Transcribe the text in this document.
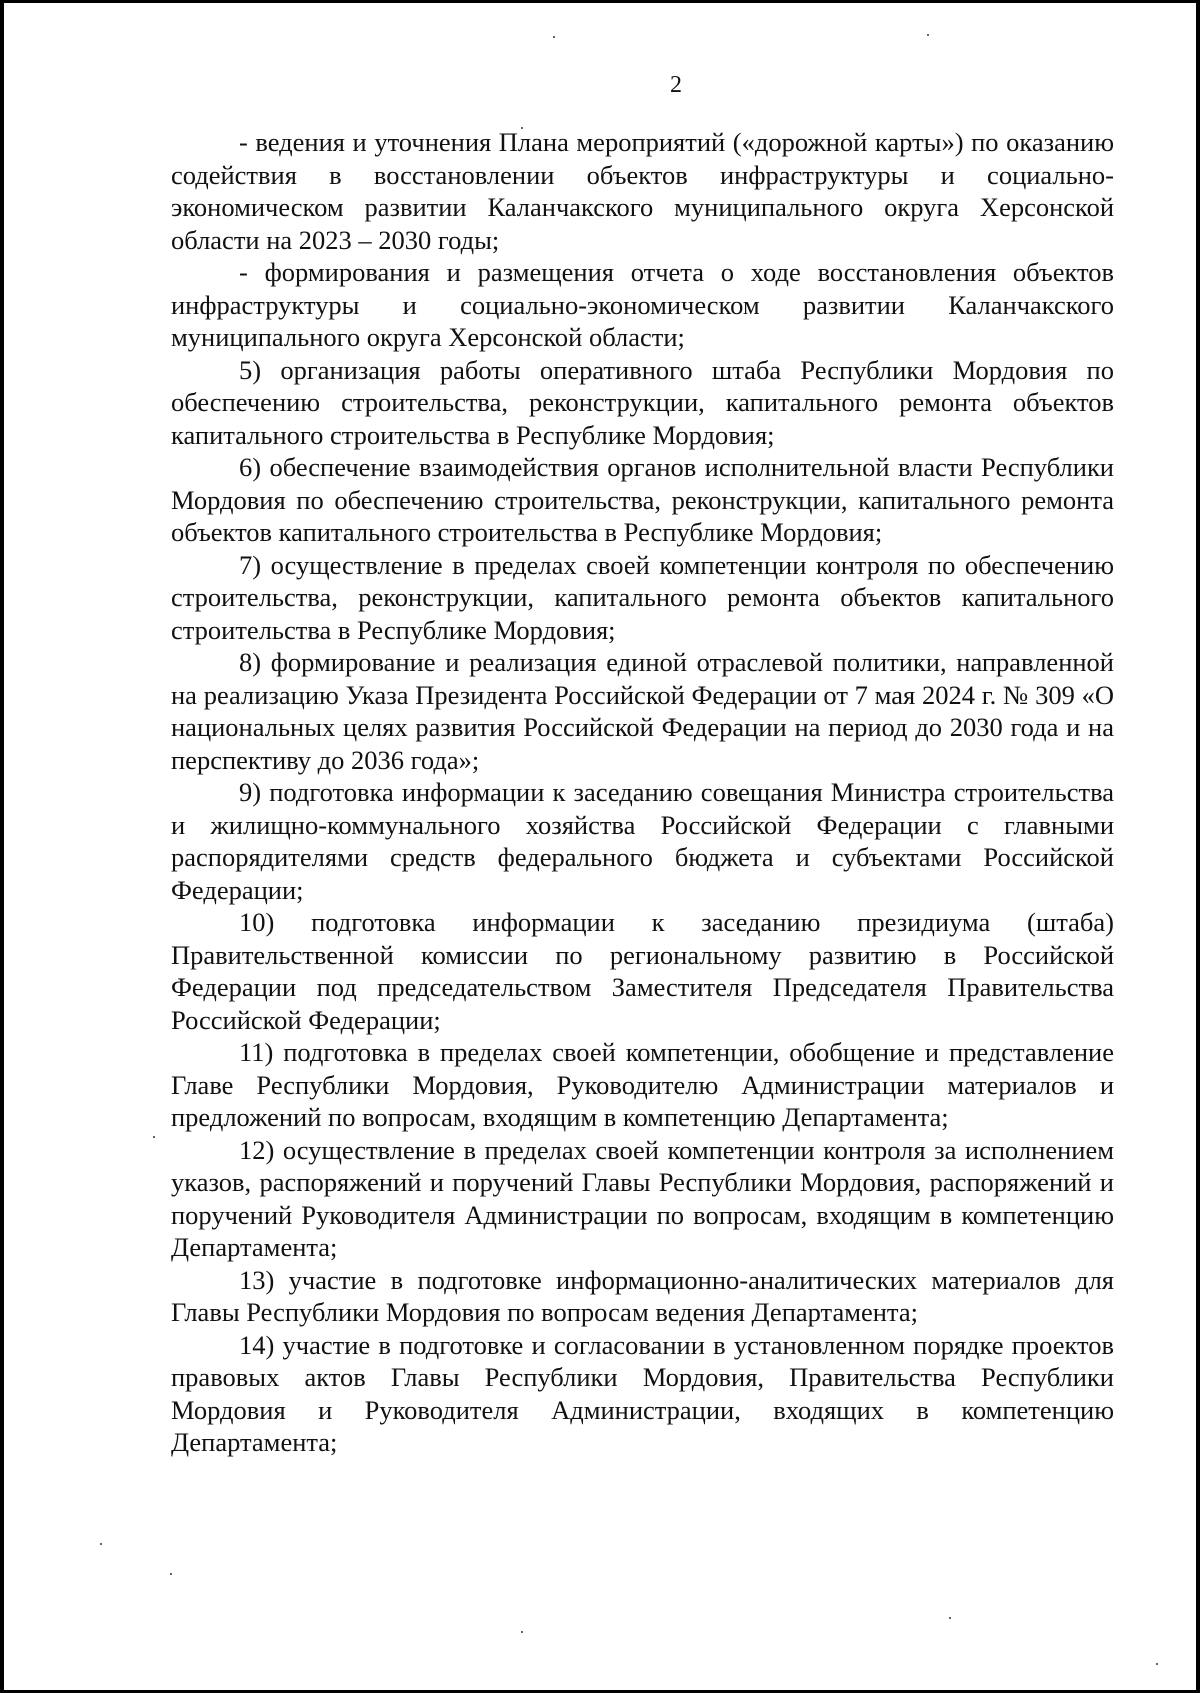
2

- ведения и уточнения Плана мероприятий («дорожной карты») по оказанию содействия в восстановлении объектов инфраструктуры и социально-экономическом развитии Каланчакского муниципального округа Херсонской области на 2023 – 2030 годы;

- формирования и размещения отчета о ходе восстановления объектов инфраструктуры и социально-экономическом развитии Каланчакского муниципального округа Херсонской области;

5) организация работы оперативного штаба Республики Мордовия по обеспечению строительства, реконструкции, капитального ремонта объектов капитального строительства в Республике Мордовия;

6) обеспечение взаимодействия органов исполнительной власти Республики Мордовия по обеспечению строительства, реконструкции, капитального ремонта объектов капитального строительства в Республике Мордовия;

7) осуществление в пределах своей компетенции контроля по обеспечению строительства, реконструкции, капитального ремонта объектов капитального строительства в Республике Мордовия;

8) формирование и реализация единой отраслевой политики, направленной на реализацию Указа Президента Российской Федерации от 7 мая 2024 г. № 309 «О национальных целях развития Российской Федерации на период до 2030 года и на перспективу до 2036 года»;

9) подготовка информации к заседанию совещания Министра строительства и жилищно-коммунального хозяйства Российской Федерации с главными распорядителями средств федерального бюджета и субъектами Российской Федерации;

10) подготовка информации к заседанию президиума (штаба) Правительственной комиссии по региональному развитию в Российской Федерации под председательством Заместителя Председателя Правительства Российской Федерации;

11) подготовка в пределах своей компетенции, обобщение и представление Главе Республики Мордовия, Руководителю Администрации материалов и предложений по вопросам, входящим в компетенцию Департамента;

12) осуществление в пределах своей компетенции контроля за исполнением указов, распоряжений и поручений Главы Республики Мордовия, распоряжений и поручений Руководителя Администрации по вопросам, входящим в компетенцию Департамента;

13) участие в подготовке информационно-аналитических материалов для Главы Республики Мордовия по вопросам ведения Департамента;

14) участие в подготовке и согласовании в установленном порядке проектов правовых актов Главы Республики Мордовия, Правительства Республики Мордовия и Руководителя Администрации, входящих в компетенцию Департамента;
